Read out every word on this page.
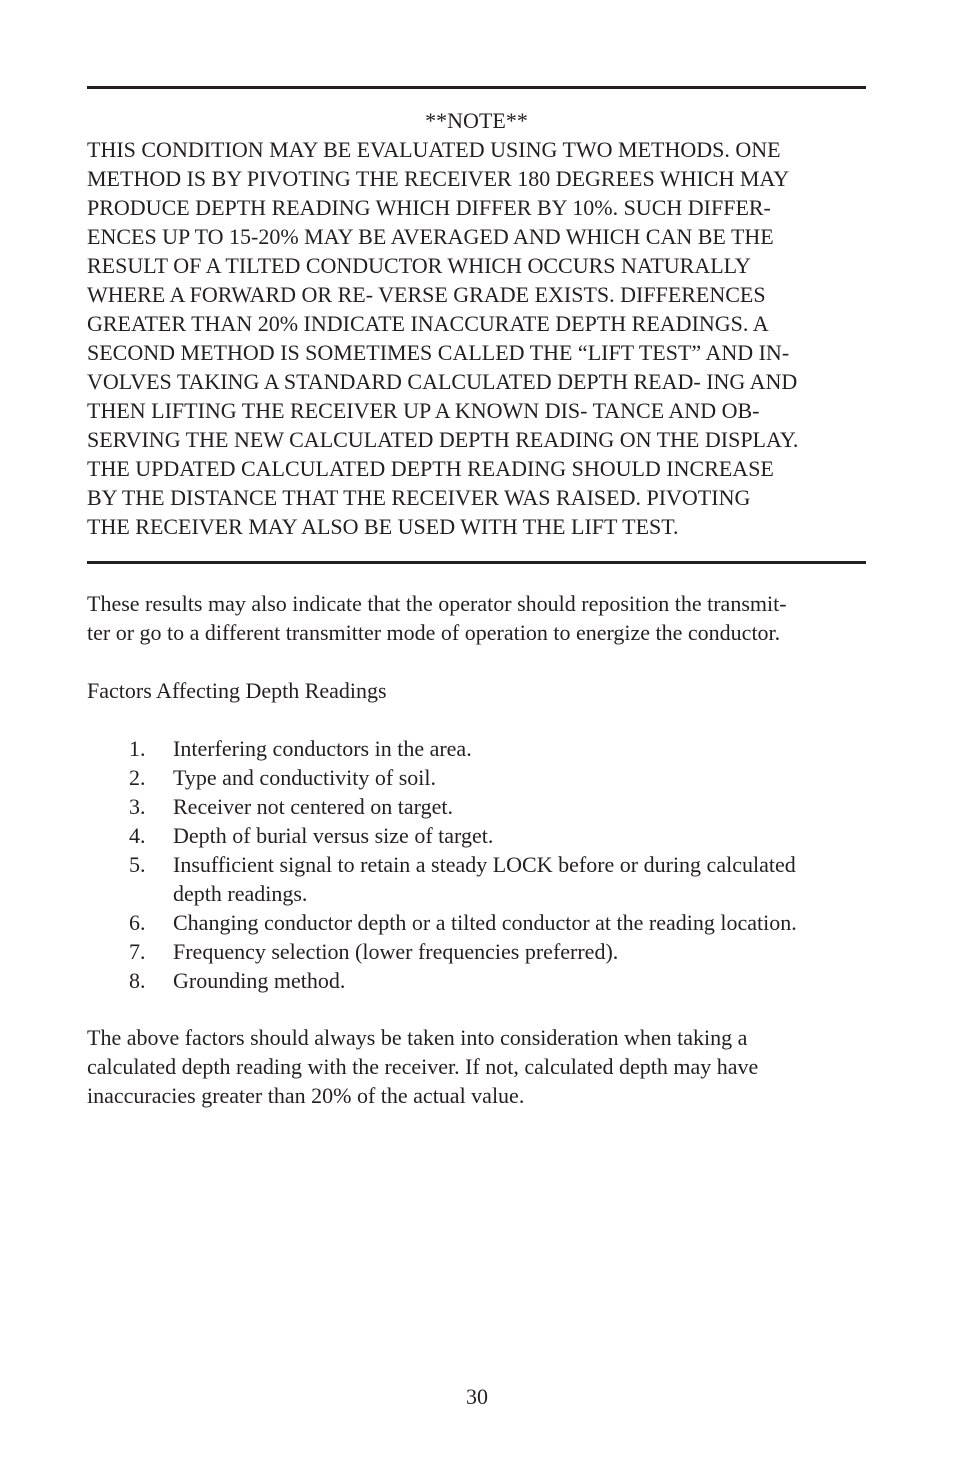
**NOTE**
THIS CONDITION MAY BE EVALUATED USING TWO METHODS. ONE
METHOD IS BY PIVOTING THE RECEIVER 180 DEGREES WHICH MAY
PRODUCE DEPTH READING WHICH DIFFER BY 10%. SUCH DIFFER-
ENCES UP TO 15-20% MAY BE AVERAGED AND WHICH CAN BE THE
RESULT OF A TILTED CONDUCTOR WHICH OCCURS NATURALLY
WHERE A FORWARD OR RE- VERSE GRADE EXISTS. DIFFERENCES
GREATER THAN 20% INDICATE INACCURATE DEPTH READINGS. A
SECOND METHOD IS SOMETIMES CALLED THE “LIFT TEST” AND IN-
VOLVES TAKING A STANDARD CALCULATED DEPTH READ- ING AND
THEN LIFTING THE RECEIVER UP A KNOWN DIS- TANCE AND OB-
SERVING THE NEW CALCULATED DEPTH READING ON THE DISPLAY.
THE UPDATED CALCULATED DEPTH READING SHOULD INCREASE
BY THE DISTANCE THAT THE RECEIVER WAS RAISED. PIVOTING
THE RECEIVER MAY ALSO BE USED WITH THE LIFT TEST.
These results may also indicate that the operator should reposition the transmit-
ter or go to a different transmitter mode of operation to energize the conductor.
Factors Affecting Depth Readings
1. Interfering conductors in the area.
2. Type and conductivity of soil.
3. Receiver not centered on target.
4. Depth of burial versus size of target.
5. Insufficient signal to retain a steady LOCK before or during calculated
depth readings.
6. Changing conductor depth or a tilted conductor at the reading location.
7. Frequency selection (lower frequencies preferred).
8. Grounding method.
The above factors should always be taken into consideration when taking a
calculated depth reading with the receiver. If not, calculated depth may have
inaccuracies greater than 20% of the actual value.
30
